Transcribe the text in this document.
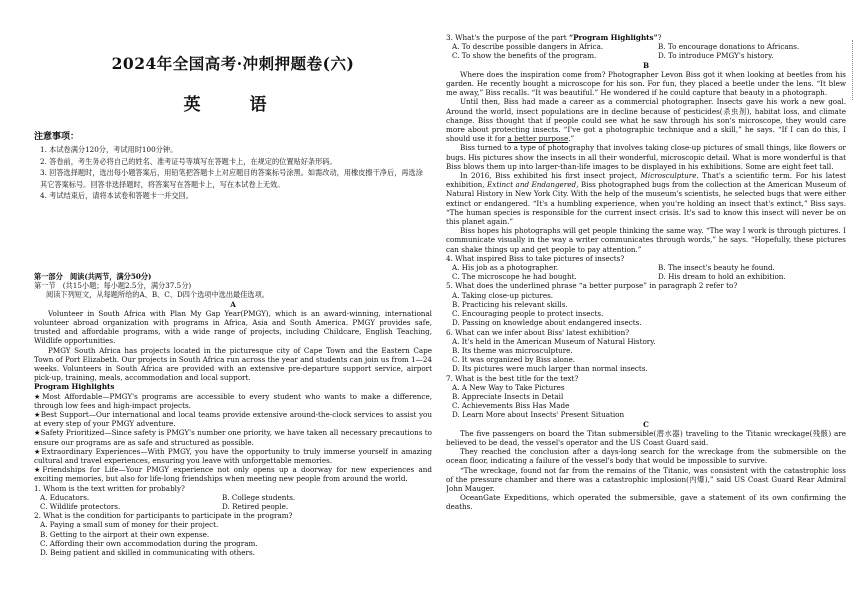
2024年全国高考·冲刺押题卷(六)
英　语
注意事项：

1. 本试卷满分120分，考试用时100分钟。

2. 答卷前，考生务必将自己的姓名、准考证号等填写在答题卡上，在规定的位置贴好条形码。

3. 回答选择题时，选出每小题答案后，用铅笔把答题卡上对应题目的答案标号涂黑。如需改动，用橡皮擦干净后，再选涂其它答案标号。回答非选择题时，将答案写在答题卡上，写在本试卷上无效。

4. 考试结束后，请将本试卷和答题卡一并交回。

第一部分　阅读(共两节，满分50分)

第一节　(共15小题；每小题2.5分，满分37.5分)

阅读下列短文，从每题所给的A、B、C、D四个选项中选出最佳选项。

A

Volunteer in South Africa with Plan My Gap Year(PMGY), which is an award-winning, international volunteer abroad organization with programs in Africa, Asia and South America. PMGY provides safe, trusted and affordable programs, with a wide range of projects, including Childcare, English Teaching, Wildlife opportunities.

PMGY South Africa has projects located in the picturesque city of Cape Town and the Eastern Cape Town of Port Elizabeth. Our projects in South Africa run across the year and students can join us from 1—24 weeks. Volunteers in South Africa are provided with an extensive pre-departure support service, airport pick-up, training, meals, accommodation and local support.

Program Highlights

★Most Affordable—PMGY's programs are accessible to every student who wants to make a difference, through low fees and high-impact projects.

★Best Support—Our international and local teams provide extensive around-the-clock services to assist you at every step of your PMGY adventure.

★Safety Prioritized—Since safety is PMGY's number one priority, we have taken all necessary precautions to ensure our programs are as safe and structured as possible.

★Extraordinary Experiences—With PMGY, you have the opportunity to truly immerse yourself in amazing cultural and travel experiences, ensuring you leave with unforgettable memories.

★Friendships for Life—Your PMGY experience not only opens up a doorway for new experiences and exciting memories, but also for life-long friendships when meeting new people from around the world.

1. Whom is the text written for probably?

A. Educators.	B. College students.
C. Wildlife protectors.	D. Retired people.

2. What is the condition for participants to participate in the program?

A. Paying a small sum of money for their project.

B. Getting to the airport at their own expense.

C. Affording their own accommodation during the program.

D. Being patient and skilled in communicating with others.

3. What's the purpose of the part “Program Highlights”?

A. To describe possible dangers in Africa.	B. To encourage donations to Africans.
C. To show the benefits of the program.	D. To introduce PMGY's history.

B

Where does the inspiration come from? Photographer Levon Biss got it when looking at beetles from his garden. He recently bought a microscope for his son. For fun, they placed a beetle under the lens. “It blew me away,” Biss recalls. “It was beautiful.” He wondered if he could capture that beauty in a photograph.

Until then, Biss had made a career as a commercial photographer. Insects gave his work a new goal. Around the world, insect populations are in decline because of pesticides(杀虫剂), habitat loss, and climate change. Biss thought that if people could see what he saw through his son's microscope, they would care more about protecting insects. “I've got a photographic technique and a skill,” he says. “If I can do this, I should use it for a better purpose.”

Biss turned to a type of photography that involves taking close-up pictures of small things, like flowers or bugs. His pictures show the insects in all their wonderful, microscopic detail. What is more wonderful is that Biss blows them up into larger-than-life images to be displayed in his exhibitions. Some are eight feet tall.

In 2016, Biss exhibited his first insect project, Microsculpture. That's a scientific term. For his latest exhibition, Extinct and Endangered, Biss photographed bugs from the collection at the American Museum of Natural History in New York City. With the help of the museum's scientists, he selected bugs that were either extinct or endangered. “It's a humbling experience, when you're holding an insect that's extinct,” Biss says. “The human species is responsible for the current insect crisis. It's sad to know this insect will never be on this planet again.”

Biss hopes his photographs will get people thinking the same way. “The way I work is through pictures. I communicate visually in the way a writer communicates through words,” he says. “Hopefully, these pictures can shake things up and get people to pay attention.”

4. What inspired Biss to take pictures of insects?

A. His job as a photographer.	B. The insect's beauty he found.
C. The microscope he had bought.	D. His dream to hold an exhibition.

5. What does the underlined phrase “a better purpose” in paragraph 2 refer to?

A. Taking close-up pictures.

B. Practicing his relevant skills.

C. Encouraging people to protect insects.

D. Passing on knowledge about endangered insects.

6. What can we infer about Biss' latest exhibition?

A. It's held in the American Museum of Natural History.

B. Its theme was microsculpture.

C. It was organized by Biss alone.

D. Its pictures were much larger than normal insects.

7. What is the best title for the text?

A. A New Way to Take Pictures

B. Appreciate Insects in Detail

C. Achievements Biss Has Made

D. Learn More about Insects' Present Situation

C

The five passengers on board the Titan submersible(潜水器) traveling to the Titanic wreckage(残骸) are believed to be dead, the vessel's operator and the US Coast Guard said.

They reached the conclusion after a days-long search for the wreckage from the submersible on the ocean floor, indicating a failure of the vessel's body that would be impossible to survive.

“The wreckage, found not far from the remains of the Titanic, was consistent with the catastrophic loss of the pressure chamber and there was a catastrophic implosion(内爆),” said US Coast Guard Rear Admiral John Mauger.

OceanGate Expeditions, which operated the submersible, gave a statement of its own confirming the deaths.
